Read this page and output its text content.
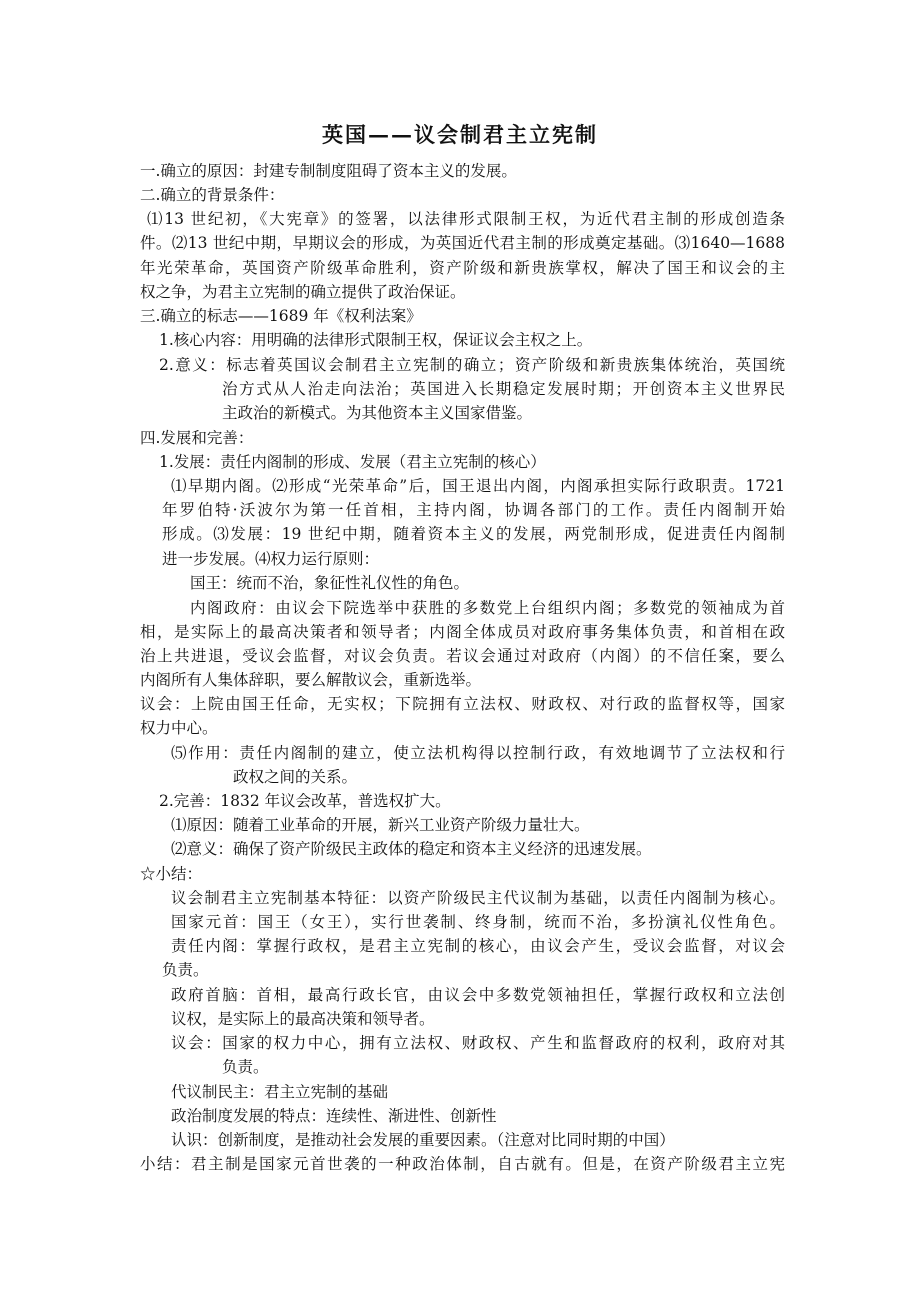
英国——议会制君主立宪制
一.确立的原因：封建专制制度阻碍了资本主义的发展。
二.确立的背景条件：
⑴13 世纪初，《大宪章》的签署，以法律形式限制王权，为近代君主制的形成创造条
件。⑵13 世纪中期，早期议会的形成，为英国近代君主制的形成奠定基础。⑶1640—1688
年光荣革命，英国资产阶级革命胜利，资产阶级和新贵族掌权，解决了国王和议会的主
权之争，为君主立宪制的确立提供了政治保证。
三.确立的标志——1689 年《权利法案》
1.核心内容：用明确的法律形式限制王权，保证议会主权之上。
2.意义：标志着英国议会制君主立宪制的确立；资产阶级和新贵族集体统治，英国统
治方式从人治走向法治；英国进入长期稳定发展时期；开创资本主义世界民
主政治的新模式。为其他资本主义国家借鉴。
四.发展和完善：
1.发展：责任内阁制的形成、发展（君主立宪制的核心）
⑴早期内阁。⑵形成“光荣革命”后，国王退出内阁，内阁承担实际行政职责。1721
年罗伯特·沃波尔为第一任首相，主持内阁，协调各部门的工作。责任内阁制开始
形成。⑶发展：19 世纪中期，随着资本主义的发展，两党制形成，促进责任内阁制
进一步发展。⑷权力运行原则：
国王：统而不治，象征性礼仪性的角色。
内阁政府：由议会下院选举中获胜的多数党上台组织内阁；多数党的领袖成为首
相，是实际上的最高决策者和领导者；内阁全体成员对政府事务集体负责，和首相在政
治上共进退，受议会监督，对议会负责。若议会通过对政府（内阁）的不信任案，要么
内阁所有人集体辞职，要么解散议会，重新选举。
议会：上院由国王任命，无实权；下院拥有立法权、财政权、对行政的监督权等，国家
权力中心。
⑸作用：责任内阁制的建立，使立法机构得以控制行政，有效地调节了立法权和行
政权之间的关系。
2.完善：1832 年议会改革，普选权扩大。
⑴原因：随着工业革命的开展，新兴工业资产阶级力量壮大。
⑵意义：确保了资产阶级民主政体的稳定和资本主义经济的迅速发展。
☆小结：
议会制君主立宪制基本特征：以资产阶级民主代议制为基础，以责任内阁制为核心。
国家元首：国王（女王），实行世袭制、终身制，统而不治，多扮演礼仪性角色。
责任内阁：掌握行政权，是君主立宪制的核心，由议会产生，受议会监督，对议会
负责。
政府首脑：首相，最高行政长官，由议会中多数党领袖担任，掌握行政权和立法创
议权，是实际上的最高决策和领导者。
议会：国家的权力中心，拥有立法权、财政权、产生和监督政府的权利，政府对其
负责。
代议制民主：君主立宪制的基础
政治制度发展的特点：连续性、渐进性、创新性
认识：创新制度，是推动社会发展的重要因素。（注意对比同时期的中国）
小结：君主制是国家元首世袭的一种政治体制，自古就有。但是，在资产阶级君主立宪
